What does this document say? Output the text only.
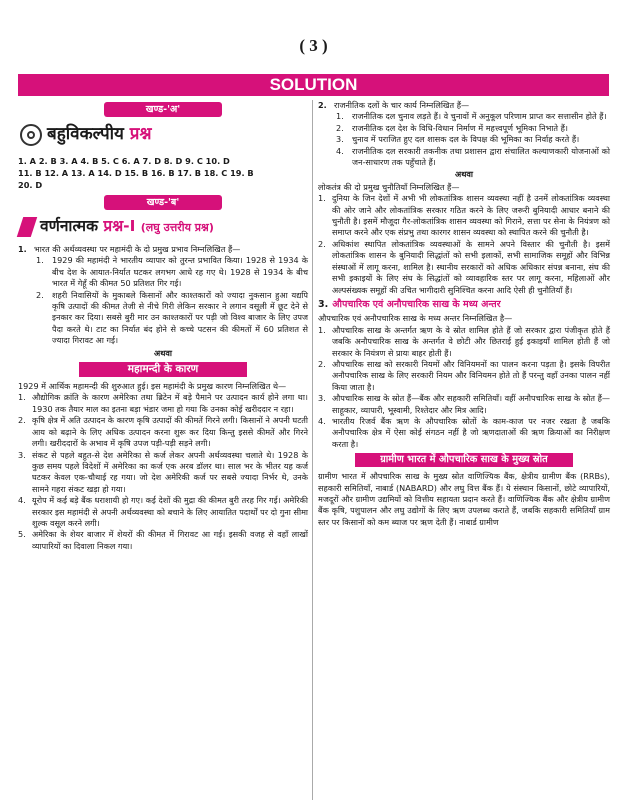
( 3 )
SOLUTION
खण्ड-'अ'
बहुविकल्पीय प्रश्न
1. A 2. B 3. A 4. B 5. C 6. A 7. D 8. D 9. C 10. D
11. B 12. A 13. A 14. D 15. B 16. B 17. B 18. C 19. B
20. D
खण्ड-'ब'
वर्णनात्मक प्रश्न-I (लघु उत्तरीय प्रश्न)
1. भारत की अर्थव्यवस्था पर महामंदी के दो प्रमुख प्रभाव निम्नलिखित हैं—
1.	1929 की महामंदी ने भारतीय व्यापार को तुरन्त प्रभावित किया। 1928 से 1934 के बीच देश के आयात-निर्यात घटकर लगभग आधे रह गए थे। 1928 से 1934 के बीच भारत में गेहूँ की कीमत 50 प्रतिशत गिर गई।
2.	शहरी निवासियों के मुकाबले किसानों और काश्तकारों को ज्यादा नुकसान हुआ यद्यपि कृषि उत्पादों की कीमत तेजी से नीचे गिरी लेकिन सरकार ने लगान वसूली में छूट देने से इनकार कर दिया। सबसे बुरी मार उन काश्तकारों पर पड़ी जो विश्व बाजार के लिए उपज पैदा करते थे। टाट का निर्यात बंद होने से कच्चे पटसन की कीमतों में 60 प्रतिशत से ज्यादा गिरावट आ गई।
अथवा
महामन्दी के कारण
1929 में आर्थिक महामन्दी की शुरुआत हुई। इस महामंदी के प्रमुख कारण निम्नलिखित थे—
1. औद्योगिक क्रांति के कारण अमेरिका तथा ब्रिटेन में बड़े पैमाने पर उत्पादन कार्य होने लगा था। 1930 तक तैयार माल का इतना बड़ा भंडार जमा हो गया कि उनका कोई खरीददार न रहा।
2. कृषि क्षेत्र में अति उत्पादन के कारण कृषि उत्पादों की कीमतें गिरने लगी। किसानों ने अपनी घटती आय को बढ़ाने के लिए अधिक उत्पादन करना शुरू कर दिया किन्तु इससे कीमतें और गिरने लगी। खरीददारों के अभाव में कृषि उपज पड़ी-पड़ी सड़ने लगी।
3. संकट से पहले बहुत-से देश अमेरिका से कर्ज लेकर अपनी अर्थव्यवस्था चलाते थे। 1928 के कुछ समय पहले विदेशों में अमेरिका का कर्ज एक अरब डॉलर था। साल भर के भीतर यह कर्ज घटकर केवल एक-चौथाई रह गया। जो देश अमेरिकी कर्ज पर सबसे ज्यादा निर्भर थे, उनके सामने गहरा संकट खड़ा हो गया।
4. यूरोप में कई बड़े बैंक धराशायी हो गए। कई देशों की मुद्रा की कीमत बुरी तरह गिर गई। अमेरिकी सरकार इस महामंदी से अपनी अर्थव्यवस्था को बचाने के लिए आयातित पदार्थों पर दो गुना सीमा शुल्क वसूल करने लगी।
5. अमेरिका के शेयर बाजार में शेयरों की कीमत में गिरावट आ गई। इसकी वजह से वहाँ लाखों व्यापारियों का दिवाला निकल गया।
2. राजनीतिक दलों के चार कार्य निम्नलिखित हैं—
1.	राजनीतिक दल चुनाव लड़ते हैं। वे चुनावों में अनुकूल परिणाम प्राप्त कर सत्तासीन होते हैं।
2.	राजनीतिक दल देश के विधि-विधान निर्माण में महत्त्वपूर्ण भूमिका निभाते हैं।
3.	चुनाव में पराजित हुए दल शासक दल के विपक्ष की भूमिका का निर्वाह करते हैं।
4.	राजनीतिक दल सरकारी तकनीक तथा प्रशासन द्वारा संचालित कल्याणकारी योजनाओं को जन-साधारण तक पहुँचाते हैं।
अथवा
लोकतंत्र की दो प्रमुख चुनौतियाँ निम्नलिखित हैं—
1. दुनिया के जिन देशों में अभी भी लोकतांत्रिक शासन व्यवस्था नहीं है उनमें लोकतांत्रिक व्यवस्था की ओर जाने और लोकतांत्रिक सरकार गठित करने के लिए जरूरी बुनियादी आधार बनाने की चुनौती है। इसमें मौजूदा गैर-लोकतांत्रिक शासन व्यवस्था को गिराने, सत्ता पर सेना के नियंत्रण को समाप्त करने और एक संप्रभु तथा कारगर शासन व्यवस्था को स्थापित करने की चुनौती है।
2. अधिकांश स्थापित लोकतांत्रिक व्यवस्थाओं के सामने अपने विस्तार की चुनौती है। इसमें लोकतांत्रिक शासन के बुनियादी सिद्धांतों को सभी इलाकों, सभी सामाजिक समूहों और विभिन्न संस्थाओं में लागू करना, शामिल है। स्थानीय सरकारों को अधिक अधिकार संपन्न बनाना, संघ की सभी इकाइयों के लिए संघ के सिद्धांतों को व्यावहारिक स्तर पर लागू करना, महिलाओं और अल्पसंख्यक समूहों की उचित भागीदारी सुनिश्चित करना आदि ऐसी ही चुनौतियाँ हैं।
3. औपचारिक एवं अनौपचारिक साख के मध्य अन्तर
औपचारिक एवं अनौपचारिक साख के मध्य अन्तर निम्नलिखित है—
1. औपचारिक साख के अन्तर्गत ऋण के वे स्रोत शामिल होते हैं जो सरकार द्वारा पंजीकृत होते हैं जबकि अनौपचारिक साख के अन्तर्गत वे छोटी और छितराई हुई इकाइयाँ शामिल होती हैं जो सरकार के नियंत्रण से प्रायः बाहर होती हैं।
2. औपचारिक साख को सरकारी नियमों और विनियमनों का पालन करना पड़ता है। इसके विपरीत अनौपचारिक साख के लिए सरकारी नियम और विनियमन होते तो हैं परन्तु वहाँ उनका पालन नहीं किया जाता है।
3. औपचारिक साख के स्रोत हैं—बैंक और सहकारी समितियाँ। वहीं अनौपचारिक साख के स्रोत हैं—साहूकार, व्यापारी, भूस्वामी, रिश्तेदार और मित्र आदि।
4. भारतीय रिजर्व बैंक ऋण के औपचारिक स्रोतों के काम-काज पर नजर रखता है जबकि अनौपचारिक क्षेत्र में ऐसा कोई संगठन नहीं है जो ऋणदाताओं की ऋण क्रियाओं का निरीक्षण करता है।
ग्रामीण भारत में औपचारिक साख के मुख्य स्रोत
ग्रामीण भारत में औपचारिक साख के मुख्य स्रोत वाणिज्यिक बैंक, क्षेत्रीय ग्रामीण बैंक (RRBs), सहकारी समितियाँ, नाबार्ड (NABARD) और लघु वित्त बैंक हैं। ये संस्थान किसानों, छोटे व्यापारियों, मजदूरों और ग्रामीण उद्यमियों को वित्तीय सहायता प्रदान करते हैं। वाणिज्यिक बैंक और क्षेत्रीय ग्रामीण बैंक कृषि, पशुपालन और लघु उद्योगों के लिए ऋण उपलब्ध कराते हैं, जबकि सहकारी समितियाँ ग्राम स्तर पर किसानों को कम ब्याज पर ऋण देती हैं। नाबार्ड ग्रामीण
